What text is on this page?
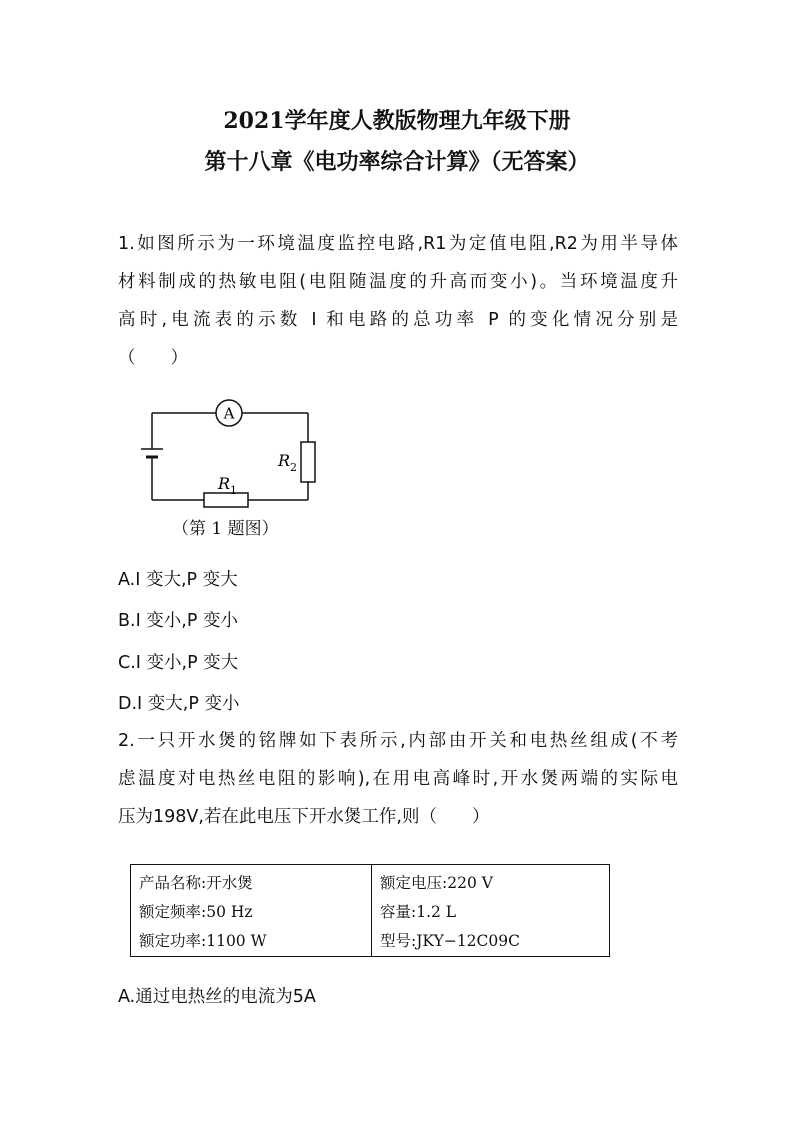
2021学年度人教版物理九年级下册
第十八章《电功率综合计算》（无答案）
1.如图所示为一环境温度监控电路,R1为定值电阻,R2为用半导体
材料制成的热敏电阻(电阻随温度的升高而变小)。当环境温度升
高时,电流表的示数 I 和电路的总功率 P 的变化情况分别是
（　　）
A
$R_2$
$R_1$
（第 1 题图）
A.I 变大,P 变大
B.I 变小,P 变小
C.I 变小,P 变大
D.I 变大,P 变小
2.一只开水煲的铭牌如下表所示,内部由开关和电热丝组成(不考
虑温度对电热丝电阻的影响),在用电高峰时,开水煲两端的实际电
压为198V,若在此电压下开水煲工作,则（　　）
产品名称:开水煲	额定电压:220 V
额定频率:50 Hz	容量:1.2 L
额定功率:1100 W	型号:JKY−12C09C
A.通过电热丝的电流为5A
